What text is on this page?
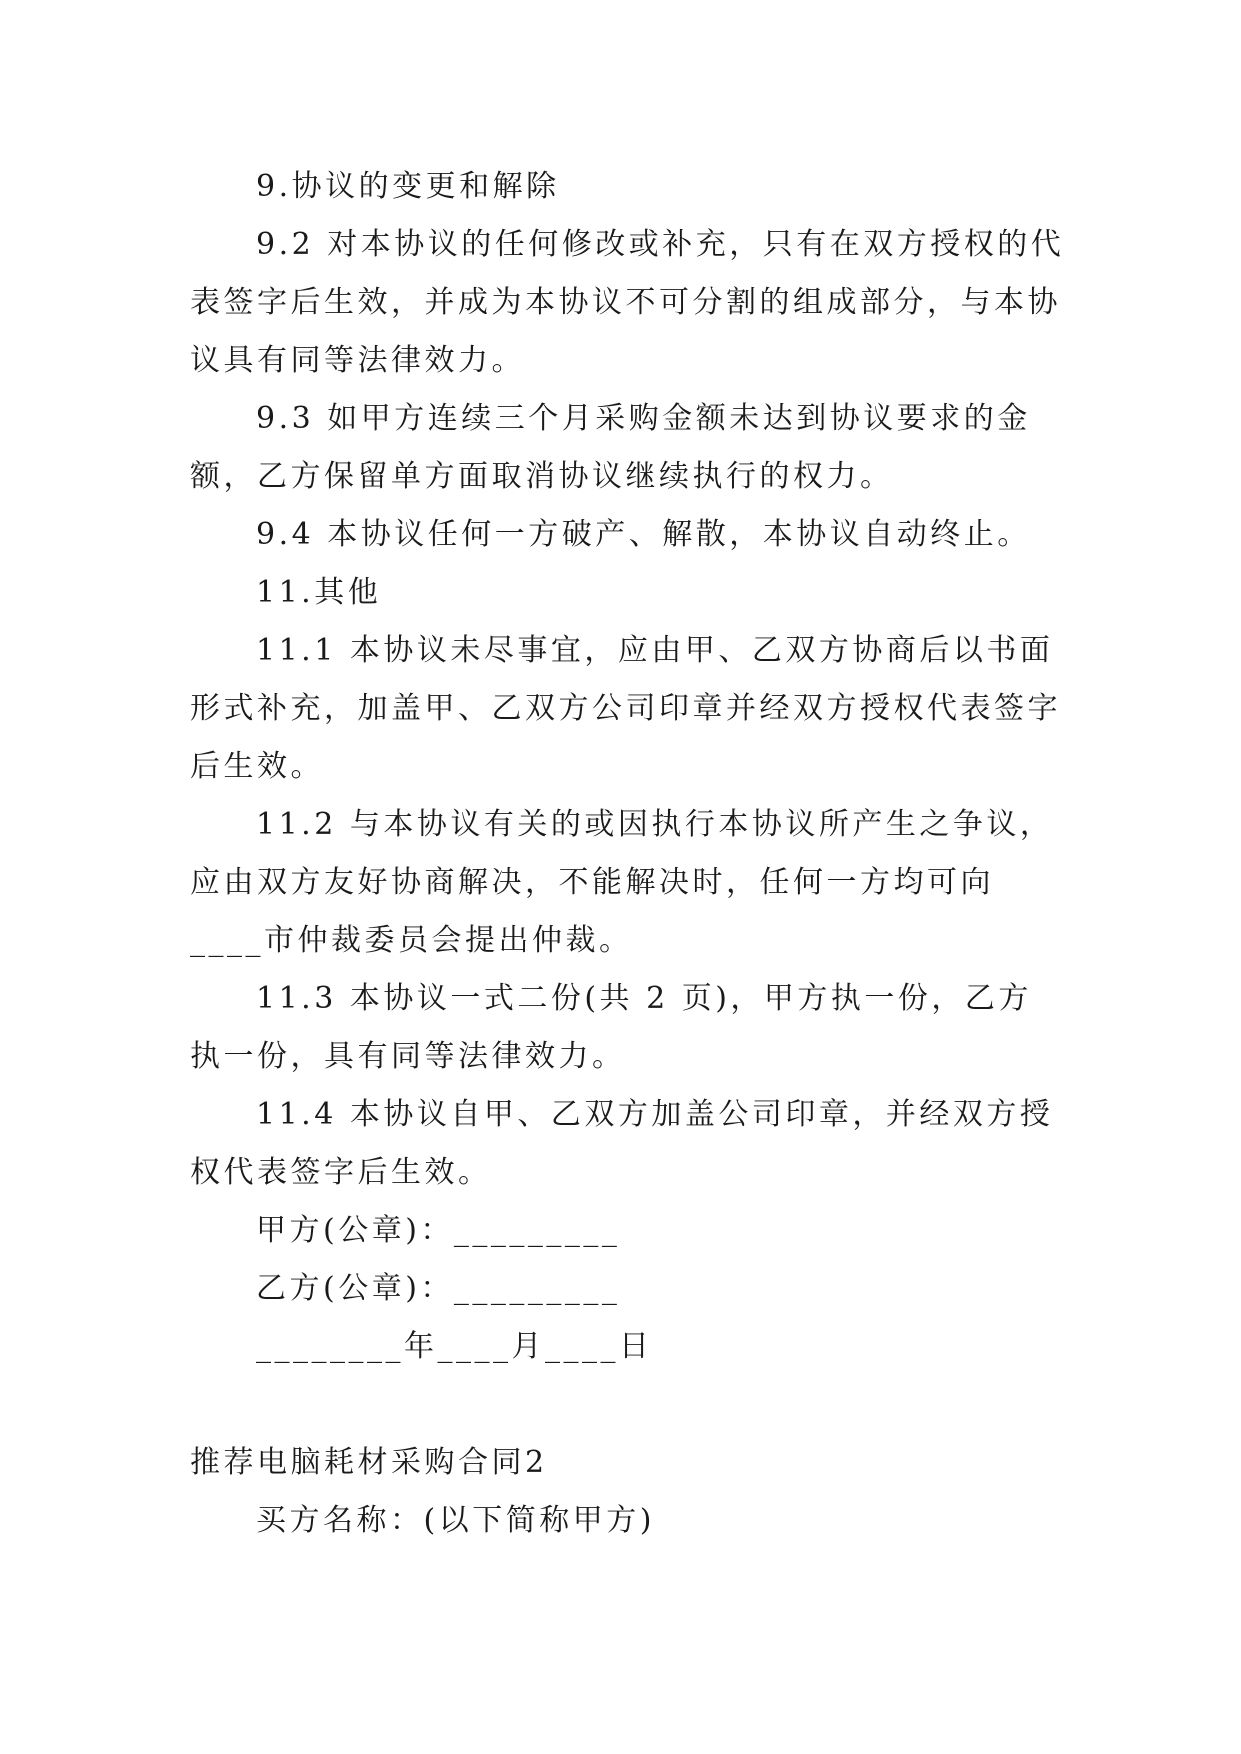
9.协议的变更和解除

9.2 对本协议的任何修改或补充，只有在双方授权的代表签字后生效，并成为本协议不可分割的组成部分，与本协议具有同等法律效力。

9.3 如甲方连续三个月采购金额未达到协议要求的金额，乙方保留单方面取消协议继续执行的权力。

9.4 本协议任何一方破产、解散，本协议自动终止。

11.其他

11.1 本协议未尽事宜，应由甲、乙双方协商后以书面形式补充，加盖甲、乙双方公司印章并经双方授权代表签字后生效。

11.2 与本协议有关的或因执行本协议所产生之争议，应由双方友好协商解决，不能解决时，任何一方均可向____市仲裁委员会提出仲裁。

11.3 本协议一式二份(共 2 页)，甲方执一份，乙方执一份，具有同等法律效力。

11.4 本协议自甲、乙双方加盖公司印章，并经双方授权代表签字后生效。

甲方(公章)：_________

乙方(公章)：_________

________年____月____日

推荐电脑耗材采购合同2

买方名称：(以下简称甲方)
